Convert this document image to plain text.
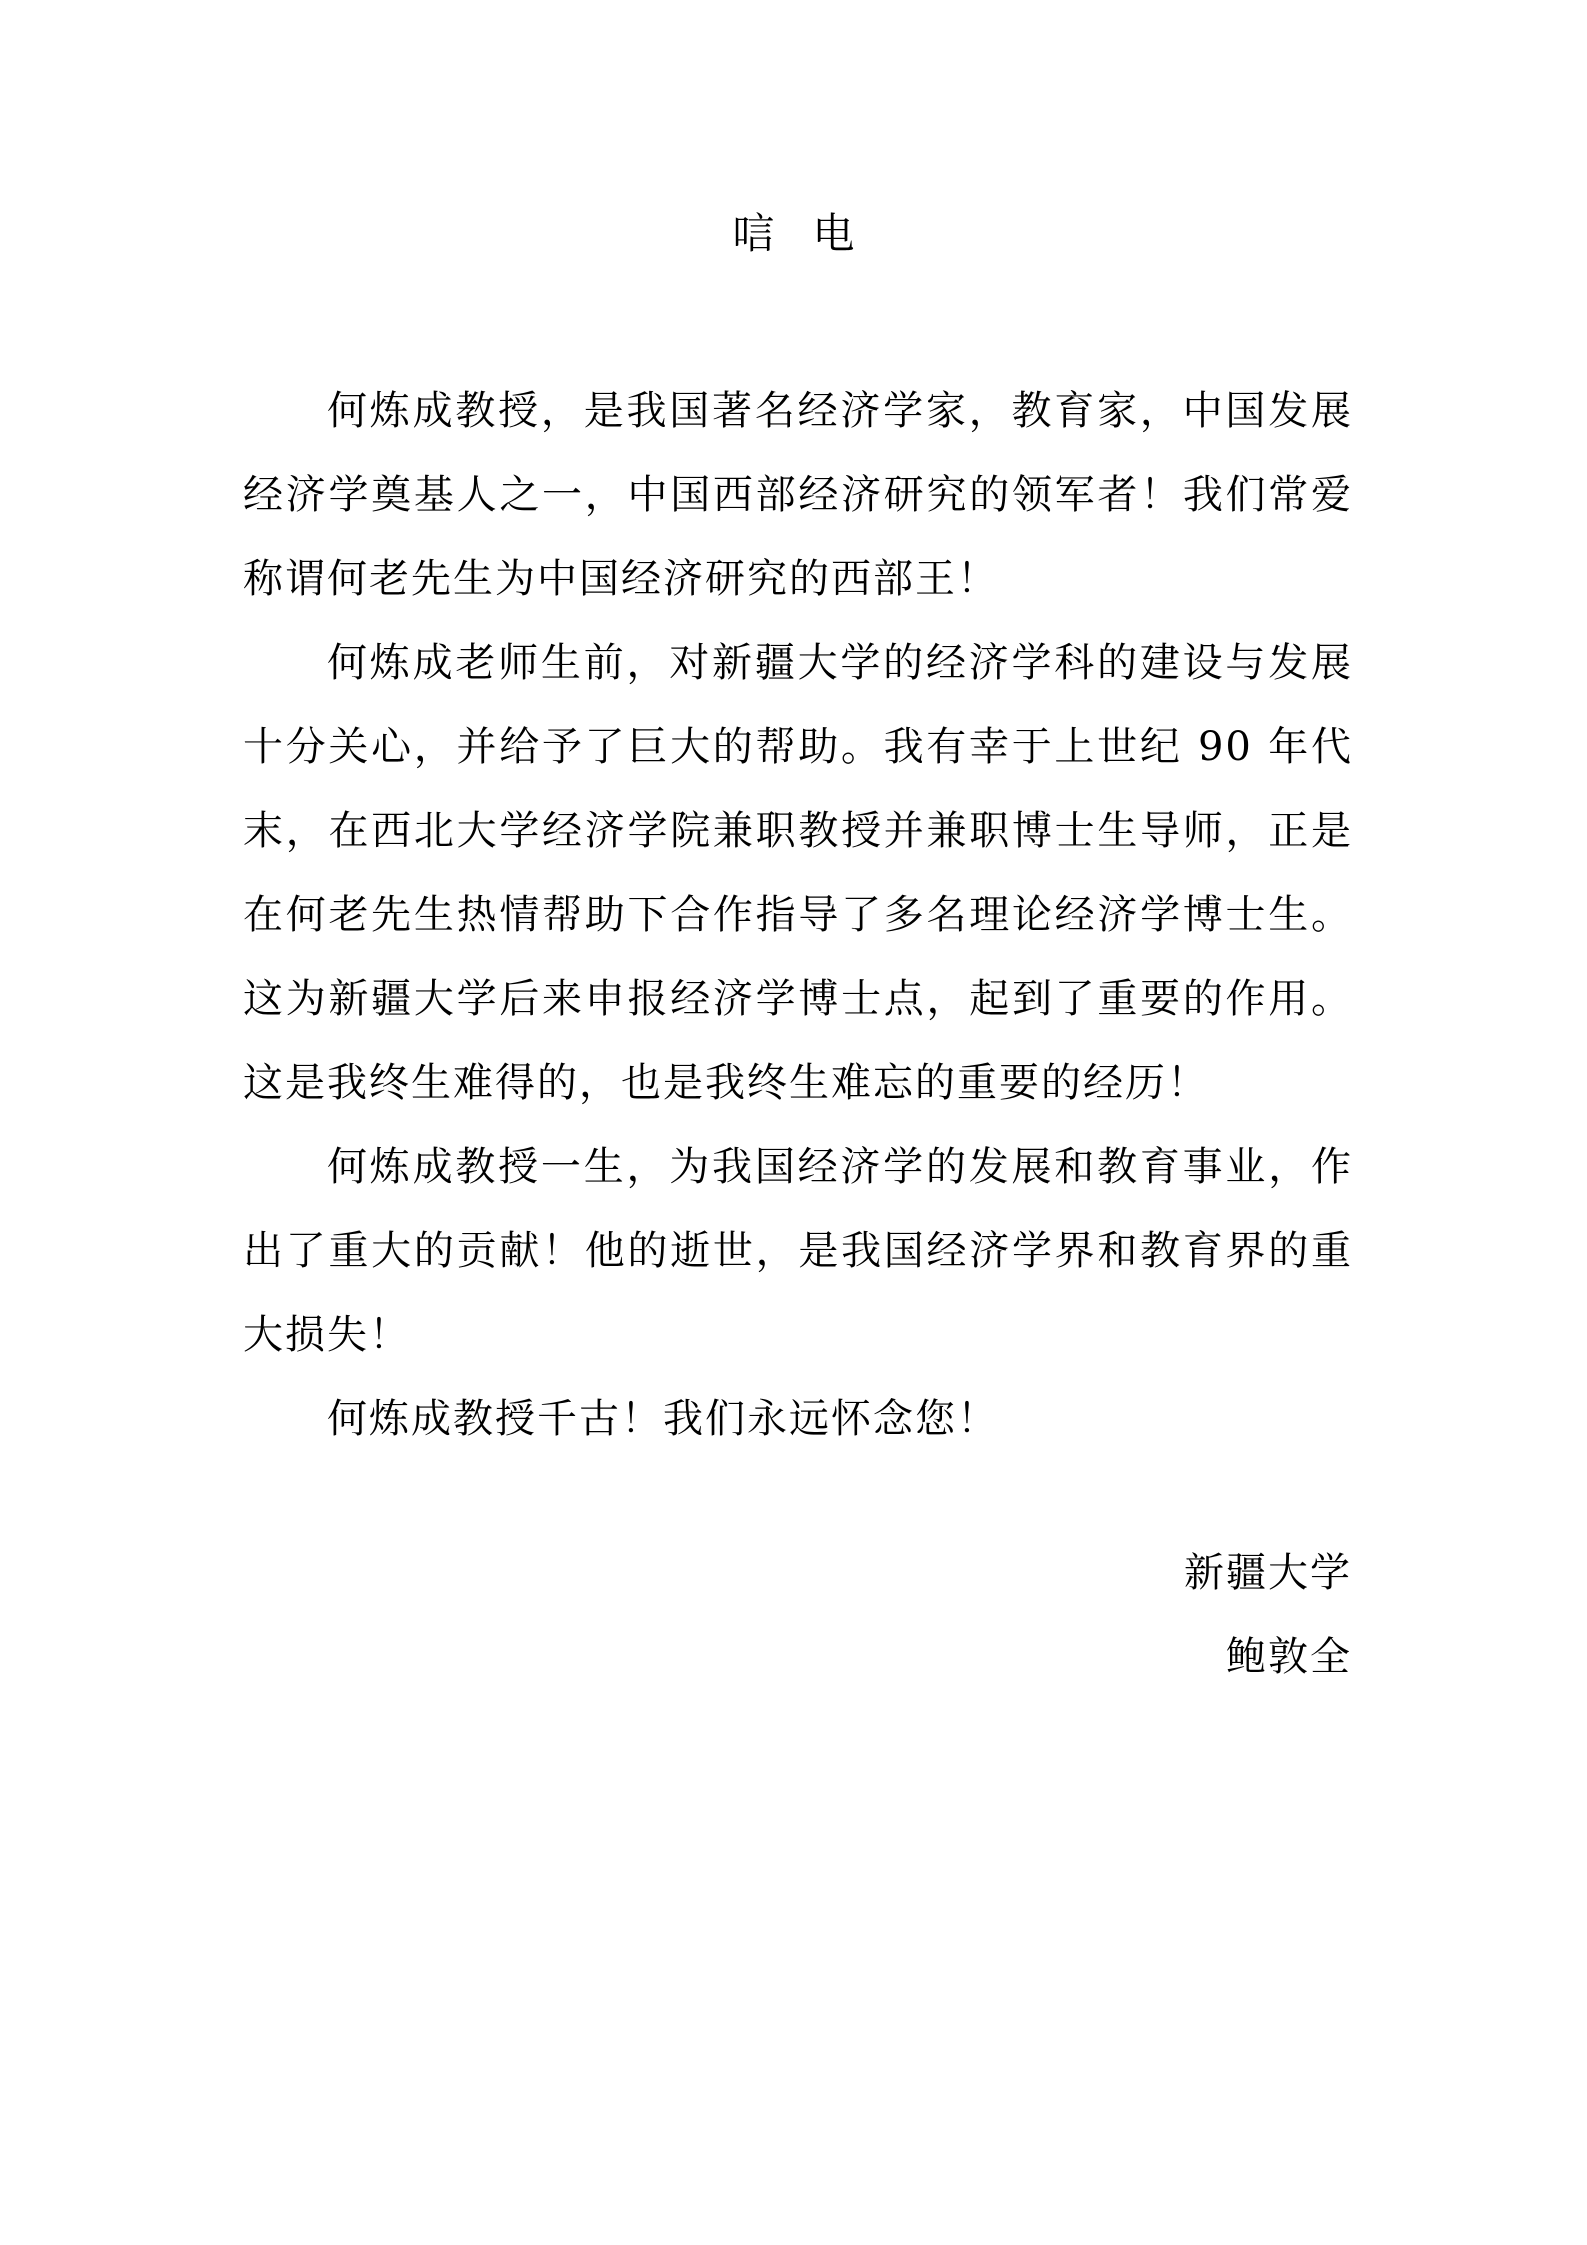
唁电

何炼成教授，是我国著名经济学家，教育家，中国发展经济学奠基人之一，中国西部经济研究的领军者！我们常爱称谓何老先生为中国经济研究的西部王！

何炼成老师生前，对新疆大学的经济学科的建设与发展十分关心，并给予了巨大的帮助。我有幸于上世纪 90 年代末，在西北大学经济学院兼职教授并兼职博士生导师，正是在何老先生热情帮助下合作指导了多名理论经济学博士生。这为新疆大学后来申报经济学博士点，起到了重要的作用。这是我终生难得的，也是我终生难忘的重要的经历！

何炼成教授一生，为我国经济学的发展和教育事业，作出了重大的贡献！他的逝世，是我国经济学界和教育界的重大损失！

何炼成教授千古！我们永远怀念您！

新疆大学
鲍敦全
